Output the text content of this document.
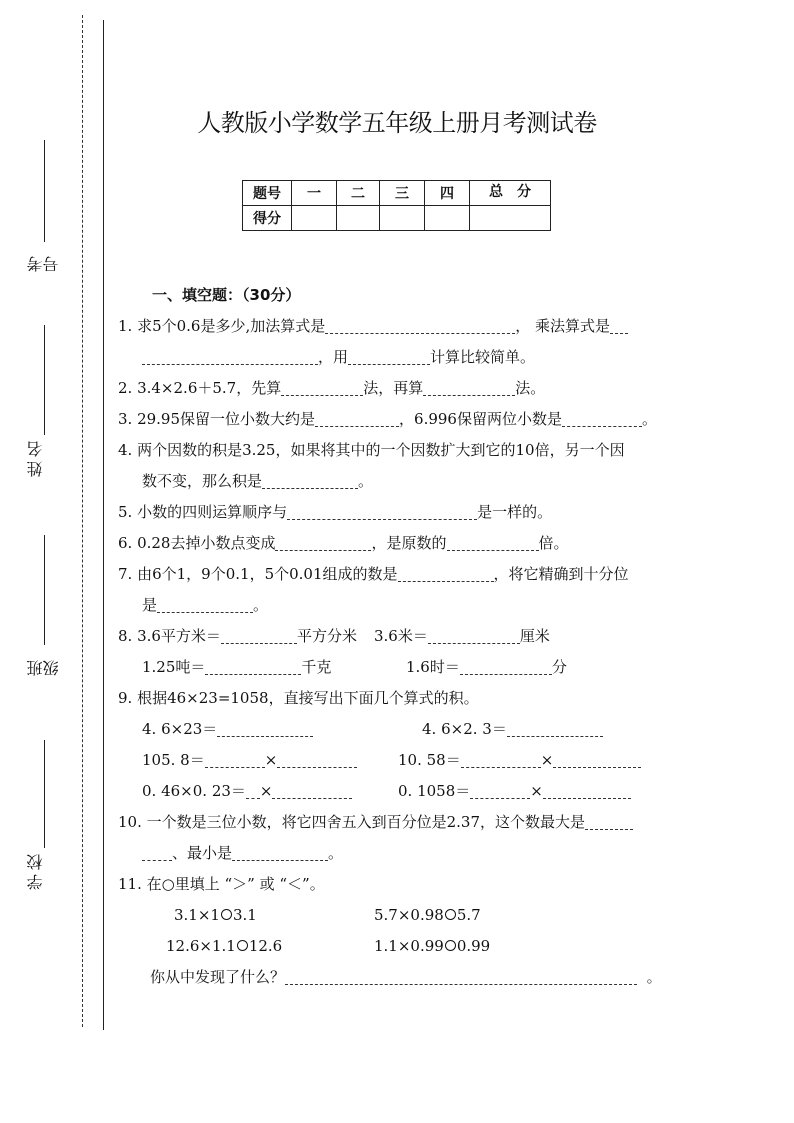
考号
姓名
班级
学校
人教版小学数学五年级上册月考测试卷
题号	一	二	三	四	总　分
得分					
一、填空题：（30分）
1. 求5个0.6是多少,加法算式是	， 乘法算式是
，用	计算比较简单。
2. 3.4×2.6＋5.7，先算	法，再算	法。
3. 29.95保留一位小数大约是	，6.996保留两位小数是	。
4. 两个因数的积是3.25，如果将其中的一个因数扩大到它的10倍，另一个因
数不变，那么积是	。
5. 小数的四则运算顺序与	是一样的。
6. 0.28去掉小数点变成	，是原数的	倍。
7. 由6个1，9个0.1，5个0.01组成的数是	，将它精确到十分位
是	。
8. 3.6平方米＝	平方分米 3.6米＝	厘米
1.25吨＝	千克	1.6时＝	分
9. 根据46×23=1058，直接写出下面几个算式的积。
4. 6×23＝	4. 6×2. 3＝
105. 8＝	×	10. 58＝	×
0. 46×0. 23＝ ×	0. 1058＝	×
10. 一个数是三位小数，将它四舍五入到百分位是2.37，这个数最大是
、最小是	。
11. 在○里填上 “＞” 或 “＜”。
3.1×1 3.1	5.7×0.98 5.7
12.6×1.1 12.6	1.1×0.99 0.99
你从中发现了什么？	。
